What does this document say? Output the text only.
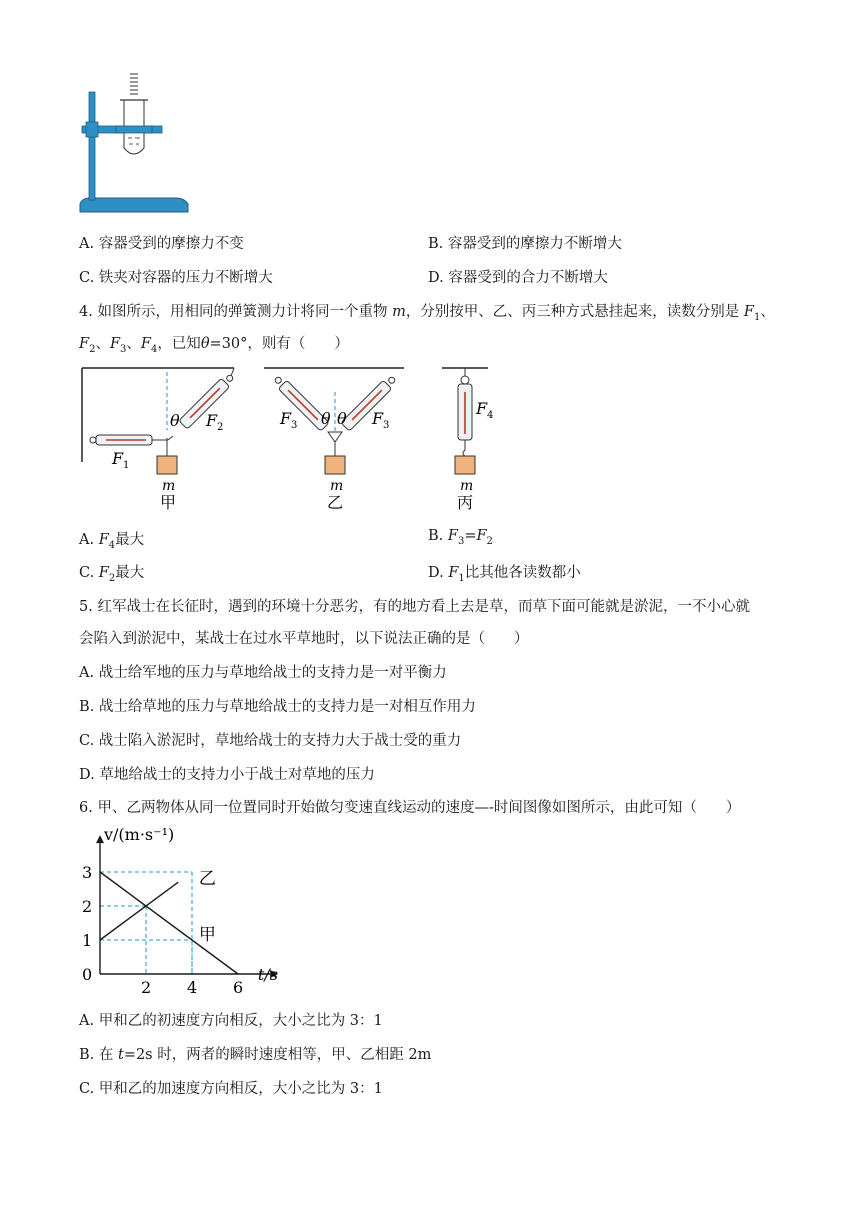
A. 容器受到的摩擦力不变	B. 容器受到的摩擦力不断增大
C. 铁夹对容器的压力不断增大	D. 容器受到的合力不断增大
4. 如图所示，用相同的弹簧测力计将同一个重物 m，分别按甲、乙、丙三种方式悬挂起来，读数分别是 $F_1$、
$F_2$、$F_3$、$F_4$，已知θ=30°，则有（　　）
θ F 2
F 1
m
甲
F 3	F 3
θ θ
m
乙
F 4
m
丙
A. $F_4$最大	B. $F_3=F_2$
C. $F_2$最大	D. $F_1$比其他各读数都小
5. 红军战士在长征时，遇到的环境十分恶劣，有的地方看上去是草，而草下面可能就是淤泥，一不小心就
会陷入到淤泥中，某战士在过水平草地时，以下说法正确的是（　　）
A. 战士给军地的压力与草地给战士的支持力是一对平衡力
B. 战士给草地的压力与草地给战士的支持力是一对相互作用力
C. 战士陷入淤泥时，草地给战士的支持力大于战士受的重力
D. 草地给战士的支持力小于战士对草地的压力
6. 甲、乙两物体从同一位置同时开始做匀变速直线运动的速度—-时间图像如图所示，由此可知（　　）
甲
乙
2 4 6
1
2
3
0	t/s
v/(m·s⁻¹)
A. 甲和乙的初速度方向相反，大小之比为 3：1
B. 在 t=2s 时，两者的瞬时速度相等，甲、乙相距 2m
C. 甲和乙的加速度方向相反，大小之比为 3：1
